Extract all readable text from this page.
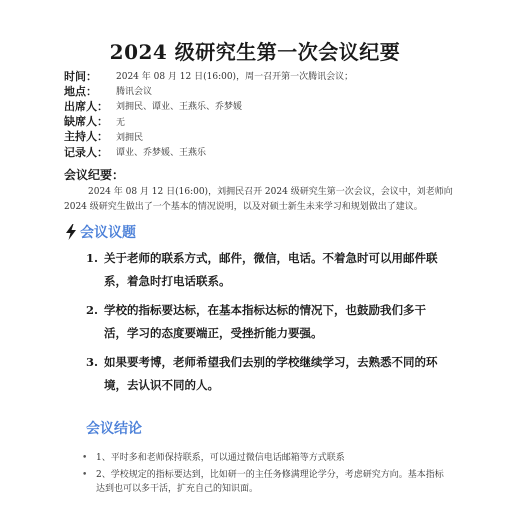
2024 级研究生第一次会议纪要
时间：	2024 年 08 月 12 日(16:00)，周一召开第一次腾讯会议；
地点：	腾讯会议
出席人： 刘拥民、谭业、王燕乐、乔梦媛
缺席人： 无
主持人： 刘拥民
记录人： 谭业、乔梦媛、王燕乐
会议纪要：
2024 年 08 月 12 日(16:00)，刘拥民召开 2024 级研究生第一次会议，会议中，刘老师向 2024 级研究生做出了一个基本的情况说明，以及对硕士新生未来学习和规划做出了建议。
会议议题
1. 关于老师的联系方式，邮件，微信，电话。不着急时可以用邮件联系，着急时打电话联系。
2. 学校的指标要达标，在基本指标达标的情况下，也鼓励我们多干活，学习的态度要端正，受挫折能力要强。
3. 如果要考博，老师希望我们去别的学校继续学习，去熟悉不同的环境，去认识不同的人。
会议结论
• 1、平时多和老师保持联系，可以通过微信电话邮箱等方式联系
• 2、学校规定的指标要达到，比如研一的主任务修满理论学分，考虑研究方向。基本指标达到也可以多干活，扩充自己的知识面。
